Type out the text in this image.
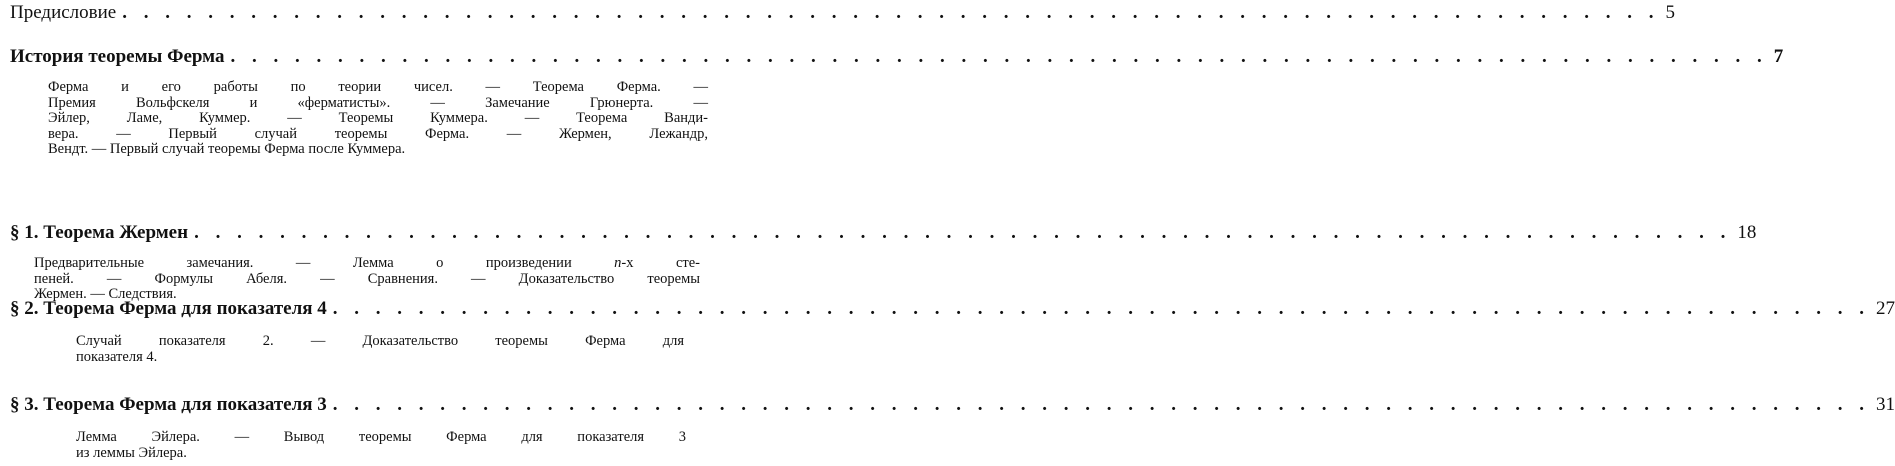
Предисловие . . . . . . . . . . . . . . . . . . . . . . . . . . . . . . . . . . . . . . . . . . . . . . . . . . . . . . . . . . . . . . . . . . . . . . . . 5
История теоремы Ферма . . . . . . . . . . . . . . . . . . . . . . . . . . . . . . . . . . . . . . . . . . . . . . . . . . . . . . . . . . . . . . . . . . . . . . . . 7
Ферма и его работы по теории чисел. — Теорема Ферма. —
Премия Вольфскеля и «ферматисты». — Замечание Грюнерта. —
Эйлер, Ламе, Куммер. — Теоремы Куммера. — Теорема Ванди-
вера. — Первый случай теоремы Ферма. — Жермен, Лежандр,
Вендт. — Первый случай теоремы Ферма после Куммера.
§ 1. Теорема Жермен . . . . . . . . . . . . . . . . . . . . . . . . . . . . . . . . . . . . . . . . . . . . . . . . . . . . . . . . . . . . . . . . . . . . . . . . 18
Предварительные замечания. — Лемма о произведении n-х сте-
пеней. — Формулы Абеля. — Сравнения. — Доказательство теоремы
Жермен. — Следствия.
§ 2. Теорема Ферма для показателя 4 . . . . . . . . . . . . . . . . . . . . . . . . . . . . . . . . . . . . . . . . . . . . . . . . . . . . . . . . . . . . . . . . . . . . . . . . 27
Случай показателя 2. — Доказательство теоремы Ферма для
показателя 4.
§ 3. Теорема Ферма для показателя 3 . . . . . . . . . . . . . . . . . . . . . . . . . . . . . . . . . . . . . . . . . . . . . . . . . . . . . . . . . . . . . . . . . . . . . . . . 31
Лемма Эйлера. — Вывод теоремы Ферма для показателя 3
из леммы Эйлера.
